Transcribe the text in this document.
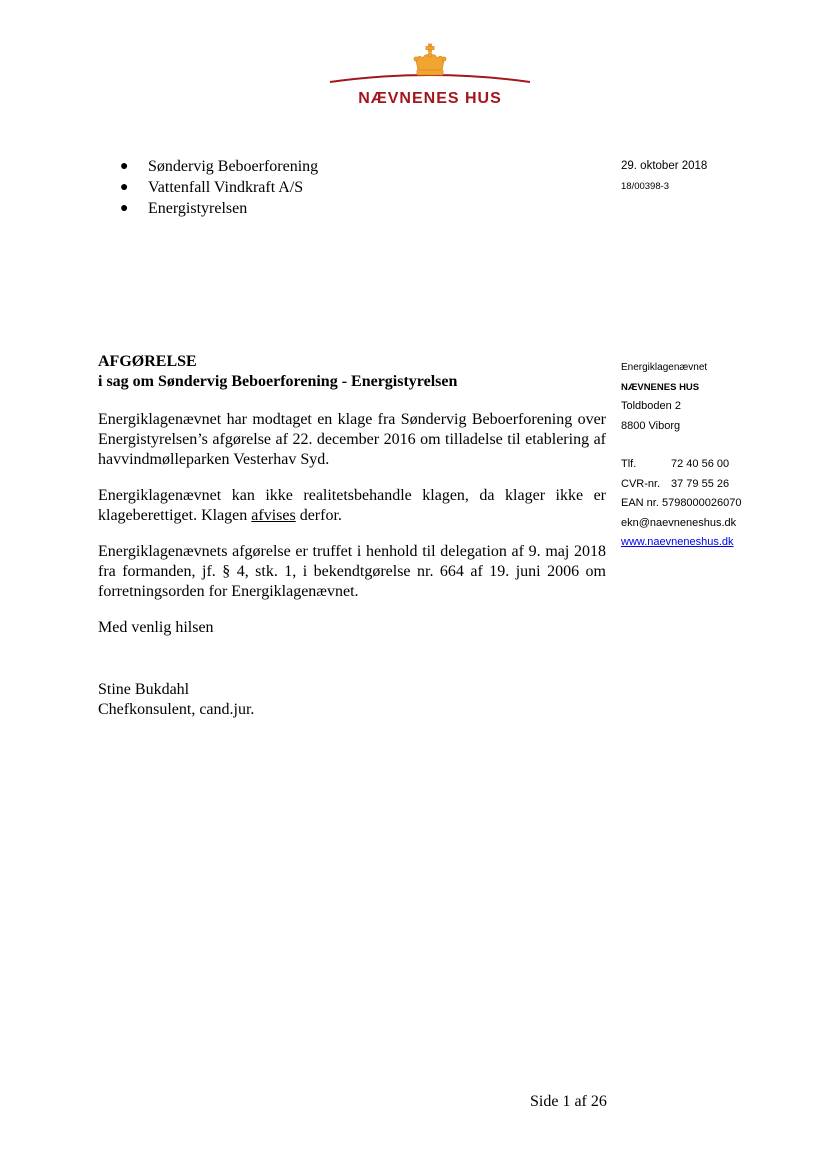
NÆVNENES HUS
● Søndervig Beboerforening
● Vattenfall Vindkraft A/S
● Energistyrelsen
29. oktober 2018
18/00398-3
Energiklagenævnet
NÆVNENES HUS
Toldboden 2
8800 Viborg
Tlf.	72 40 56 00
CVR-nr. 37 79 55 26
EAN nr. 5798000026070
ekn@naevneneshus.dk
www.naevneneshus.dk
AFGØRELSE
i sag om Søndervig Beboerforening - Energistyrelsen
Energiklagenævnet har modtaget en klage fra Søndervig Beboerforening over Energistyrelsen’s afgørelse af 22. december 2016 om tilladelse til etablering af havvindmølleparken Vesterhav Syd.
Energiklagenævnet kan ikke realitetsbehandle klagen, da klager ikke er klageberettiget. Klagen afvises derfor.
Energiklagenævnets afgørelse er truffet i henhold til delegation af 9. maj 2018 fra formanden, jf. § 4, stk. 1, i bekendtgørelse nr. 664 af 19. juni 2006 om forretningsorden for Energiklagenævnet.
Med venlig hilsen
Stine Bukdahl
Chefkonsulent, cand.jur.
Side 1 af 26
